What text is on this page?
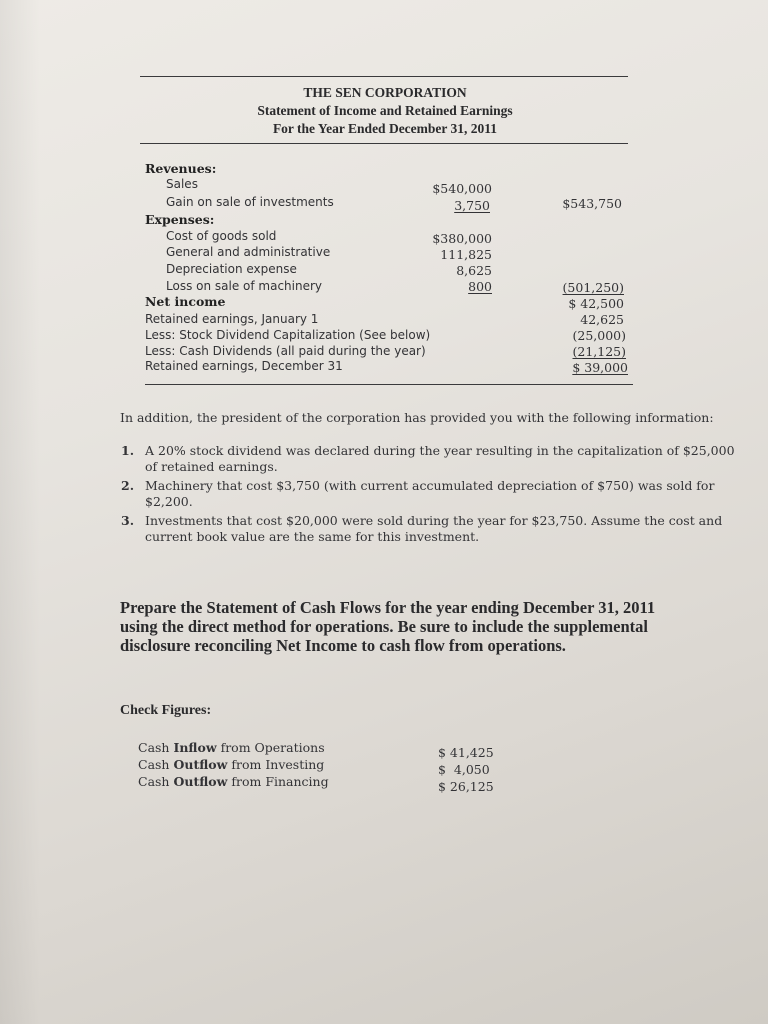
THE SEN CORPORATION
Statement of Income and Retained Earnings
For the Year Ended December 31, 2011
Revenues:
Sales	$540,000
Gain on sale of investments	3,750	$543,750
Expenses:
Cost of goods sold	$380,000
General and administrative	111,825
Depreciation expense	8,625
Loss on sale of machinery	800	(501,250)
Net income	$ 42,500
Retained earnings, January 1	42,625
Less: Stock Dividend Capitalization (See below)	(25,000)
Less: Cash Dividends (all paid during the year)	(21,125)
Retained earnings, December 31	$ 39,000
In addition, the president of the corporation has provided you with the following information:
1. A 20% stock dividend was declared during the year resulting in the capitalization of $25,000
of retained earnings.
2. Machinery that cost $3,750 (with current accumulated depreciation of $750) was sold for
$2,200.
3. Investments that cost $20,000 were sold during the year for $23,750. Assume the cost and
current book value are the same for this investment.
Prepare the Statement of Cash Flows for the year ending December 31, 2011
using the direct method for operations. Be sure to include the supplemental
disclosure reconciling Net Income to cash flow from operations.
Check Figures:
Cash Inflow from Operations	$ 41,425
Cash Outflow from Investing	$  4,050
Cash Outflow from Financing	$ 26,125
